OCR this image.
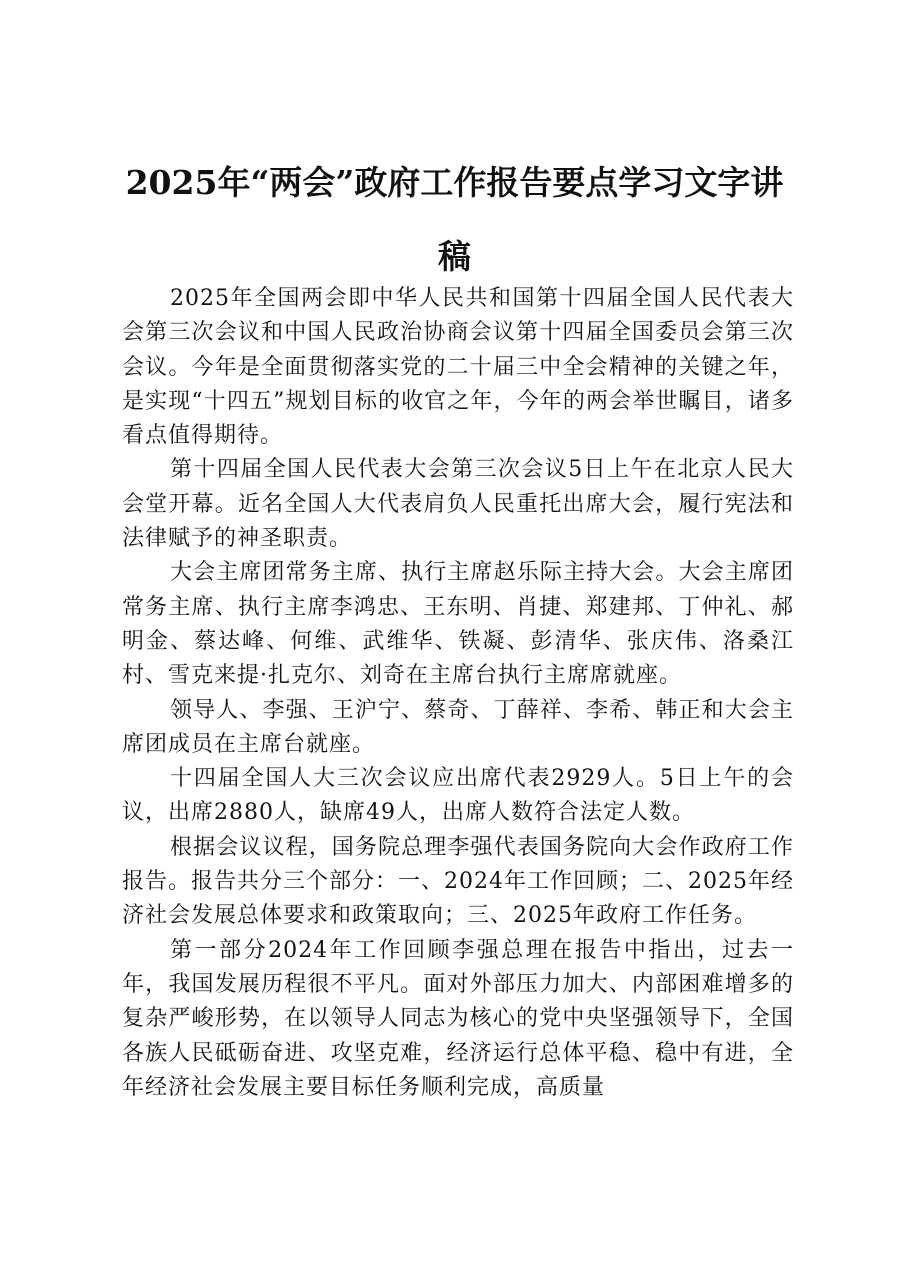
2025年“两会”政府工作报告要点学习文字讲稿

2025年全国两会即中华人民共和国第十四届全国人民代表大会第三次会议和中国人民政治协商会议第十四届全国委员会第三次会议。今年是全面贯彻落实党的二十届三中全会精神的关键之年，是实现“十四五”规划目标的收官之年，今年的两会举世瞩目，诸多看点值得期待。

第十四届全国人民代表大会第三次会议5日上午在北京人民大会堂开幕。近名全国人大代表肩负人民重托出席大会，履行宪法和法律赋予的神圣职责。

大会主席团常务主席、执行主席赵乐际主持大会。大会主席团常务主席、执行主席李鸿忠、王东明、肖捷、郑建邦、丁仲礼、郝明金、蔡达峰、何维、武维华、铁凝、彭清华、张庆伟、洛桑江村、雪克来提·扎克尔、刘奇在主席台执行主席席就座。

领导人、李强、王沪宁、蔡奇、丁薛祥、李希、韩正和大会主席团成员在主席台就座。

十四届全国人大三次会议应出席代表2929人。5日上午的会议，出席2880人，缺席49人，出席人数符合法定人数。

根据会议议程，国务院总理李强代表国务院向大会作政府工作报告。报告共分三个部分：一、2024年工作回顾；二、2025年经济社会发展总体要求和政策取向；三、2025年政府工作任务。

第一部分2024年工作回顾李强总理在报告中指出，过去一年，我国发展历程很不平凡。面对外部压力加大、内部困难增多的复杂严峻形势，在以领导人同志为核心的党中央坚强领导下，全国各族人民砥砺奋进、攻坚克难，经济运行总体平稳、稳中有进，全年经济社会发展主要目标任务顺利完成，高质量
